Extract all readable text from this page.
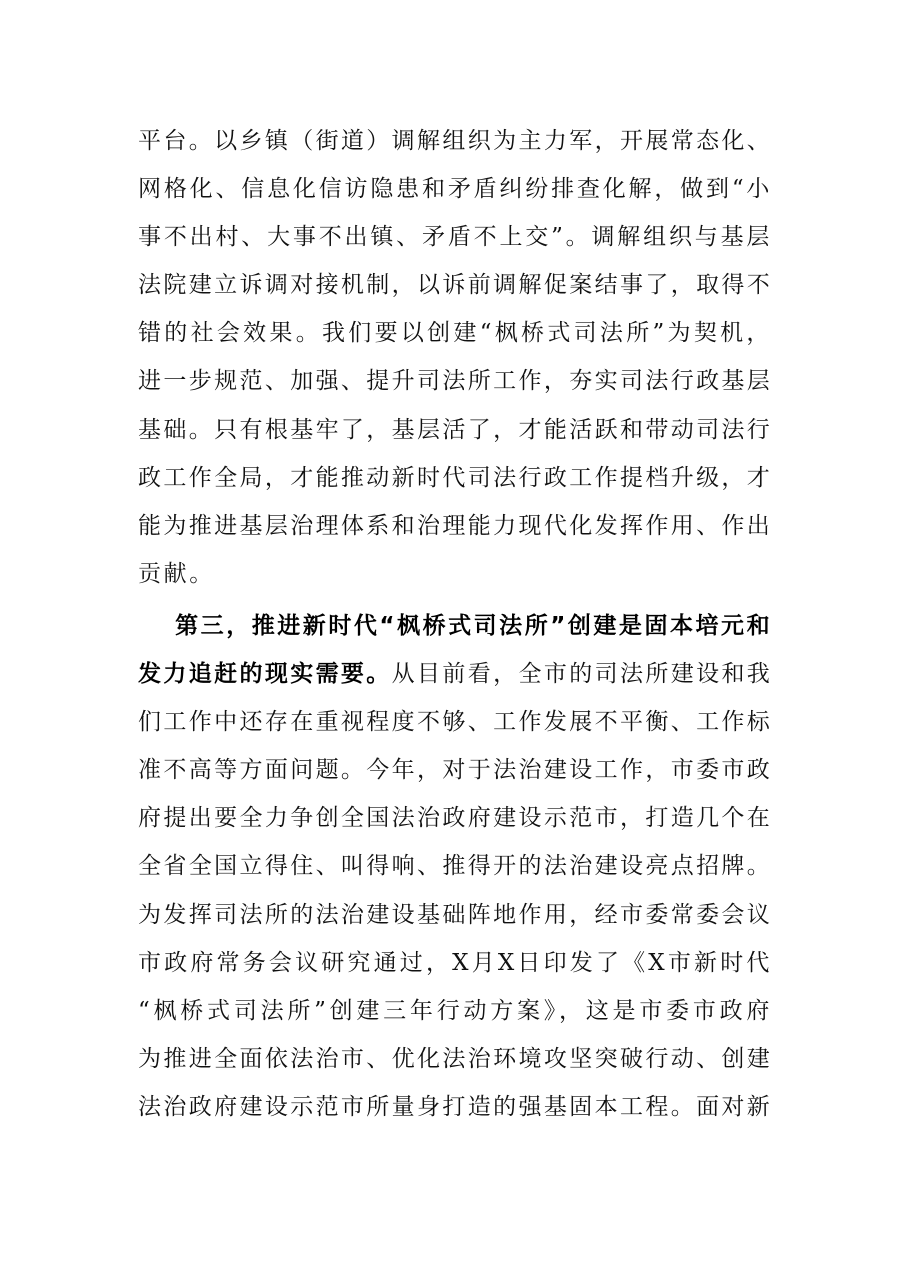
平台。以乡镇（街道）调解组织为主力军，开展常态化、
网格化、信息化信访隐患和矛盾纠纷排查化解，做到“小
事不出村、大事不出镇、矛盾不上交”。调解组织与基层
法院建立诉调对接机制，以诉前调解促案结事了，取得不
错的社会效果。我们要以创建“枫桥式司法所”为契机，
进一步规范、加强、提升司法所工作，夯实司法行政基层
基础。只有根基牢了，基层活了，才能活跃和带动司法行
政工作全局，才能推动新时代司法行政工作提档升级，才
能为推进基层治理体系和治理能力现代化发挥作用、作出
贡献。
第三，推进新时代“枫桥式司法所”创建是固本培元和
发力追赶的现实需要。从目前看，全市的司法所建设和我
们工作中还存在重视程度不够、工作发展不平衡、工作标
准不高等方面问题。今年，对于法治建设工作，市委市政
府提出要全力争创全国法治政府建设示范市，打造几个在
全省全国立得住、叫得响、推得开的法治建设亮点招牌。
为发挥司法所的法治建设基础阵地作用，经市委常委会议
市政府常务会议研究通过，X月X日印发了《X市新时代
“枫桥式司法所”创建三年行动方案》，这是市委市政府
为推进全面依法治市、优化法治环境攻坚突破行动、创建
法治政府建设示范市所量身打造的强基固本工程。面对新
